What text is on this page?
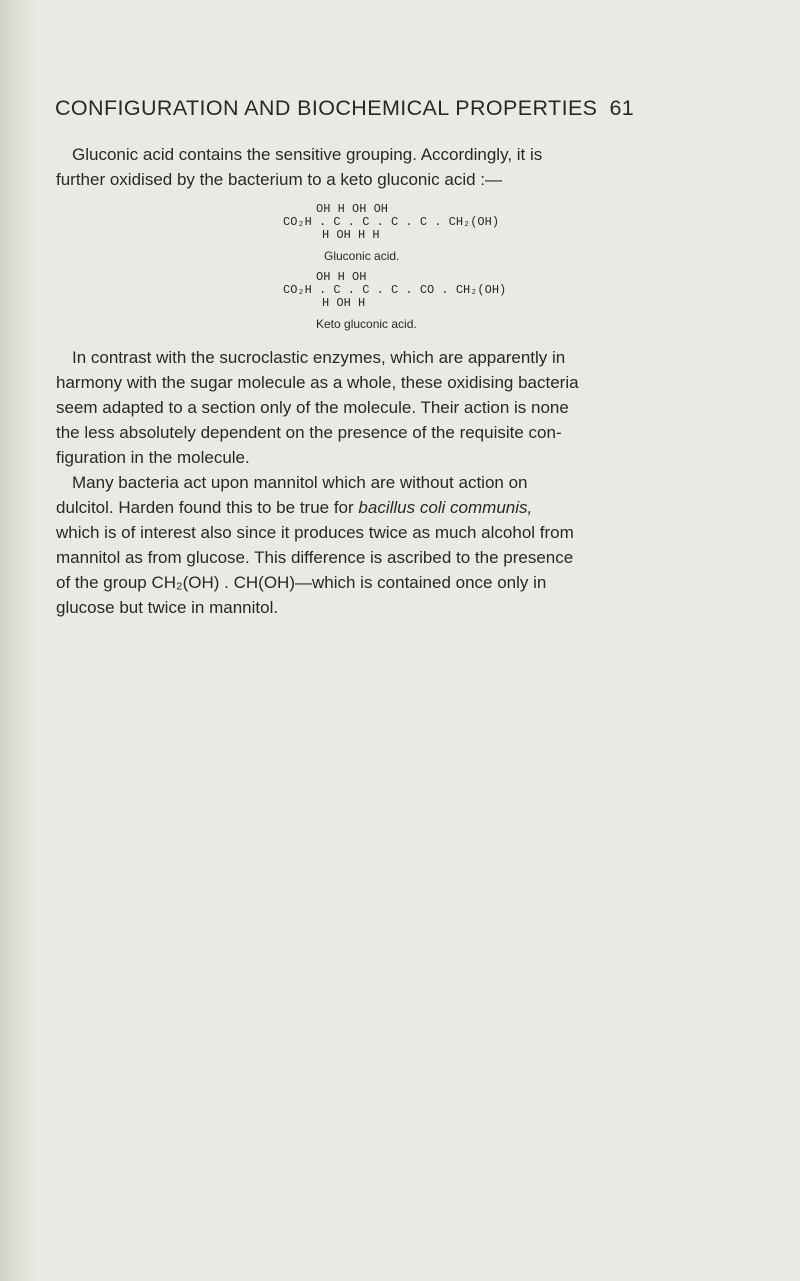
CONFIGURATION AND BIOCHEMICAL PROPERTIES 61
Gluconic acid contains the sensitive grouping. Accordingly, it is
further oxidised by the bacterium to a keto gluconic acid :—
OH H OH OH
CO₂H . C . C . C . C . CH₂(OH)
H OH H H
Gluconic acid.
OH H OH
CO₂H . C . C . C . CO . CH₂(OH)
H OH H
Keto gluconic acid.
In contrast with the sucroclastic enzymes, which are apparently in
harmony with the sugar molecule as a whole, these oxidising bacteria
seem adapted to a section only of the molecule. Their action is none
the less absolutely dependent on the presence of the requisite con-
figuration in the molecule.
Many bacteria act upon mannitol which are without action on
dulcitol. Harden found this to be true for bacillus coli communis,
which is of interest also since it produces twice as much alcohol from
mannitol as from glucose. This difference is ascribed to the presence
of the group CH₂(OH) . CH(OH)—which is contained once only in
glucose but twice in mannitol.
